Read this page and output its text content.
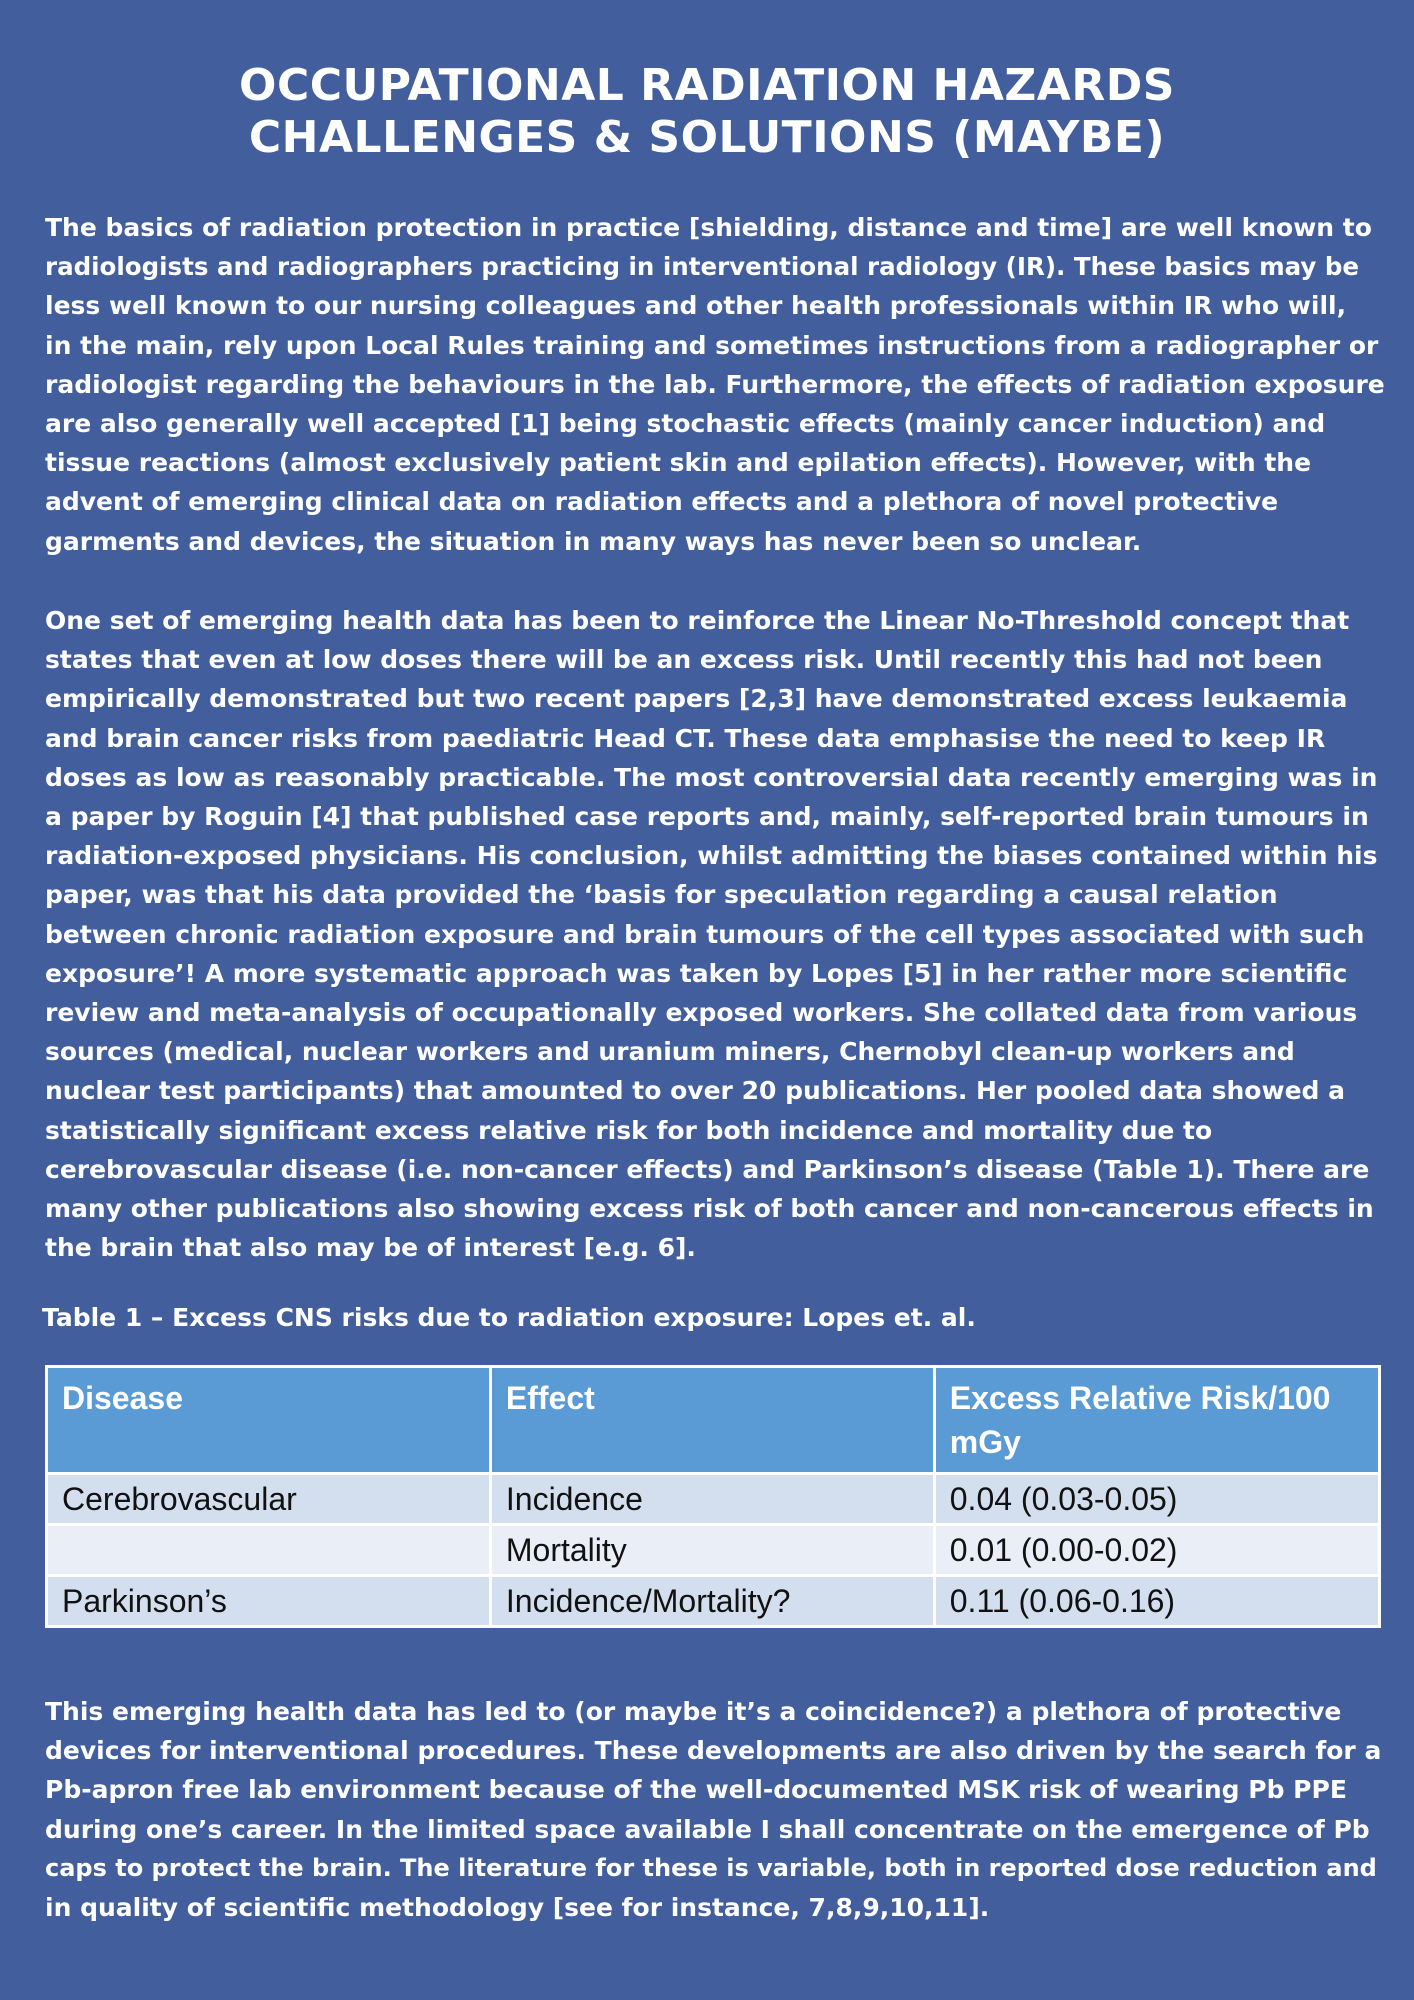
OCCUPATIONAL RADIATION HAZARDS
CHALLENGES & SOLUTIONS (MAYBE)

The basics of radiation protection in practice [shielding, distance and time] are well known to
radiologists and radiographers practicing in interventional radiology (IR). These basics may be
less well known to our nursing colleagues and other health professionals within IR who will,
in the main, rely upon Local Rules training and sometimes instructions from a radiographer or
radiologist regarding the behaviours in the lab. Furthermore, the effects of radiation exposure
are also generally well accepted [1] being stochastic effects (mainly cancer induction) and
tissue reactions (almost exclusively patient skin and epilation effects). However, with the
advent of emerging clinical data on radiation effects and a plethora of novel protective
garments and devices, the situation in many ways has never been so unclear.

One set of emerging health data has been to reinforce the Linear No-Threshold concept that
states that even at low doses there will be an excess risk. Until recently this had not been
empirically demonstrated but two recent papers [2,3] have demonstrated excess leukaemia
and brain cancer risks from paediatric Head CT. These data emphasise the need to keep IR
doses as low as reasonably practicable. The most controversial data recently emerging was in
a paper by Roguin [4] that published case reports and, mainly, self-reported brain tumours in
radiation-exposed physicians. His conclusion, whilst admitting the biases contained within his
paper, was that his data provided the ‘basis for speculation regarding a causal relation
between chronic radiation exposure and brain tumours of the cell types associated with such
exposure’! A more systematic approach was taken by Lopes [5] in her rather more scientific
review and meta-analysis of occupationally exposed workers. She collated data from various
sources (medical, nuclear workers and uranium miners, Chernobyl clean-up workers and
nuclear test participants) that amounted to over 20 publications. Her pooled data showed a
statistically significant excess relative risk for both incidence and mortality due to
cerebrovascular disease (i.e. non-cancer effects) and Parkinson’s disease (Table 1). There are
many other publications also showing excess risk of both cancer and non-cancerous effects in
the brain that also may be of interest [e.g. 6].

Table 1 – Excess CNS risks due to radiation exposure: Lopes et. al.

Disease	Effect	Excess Relative Risk/100 mGy
Cerebrovascular	Incidence	0.04 (0.03-0.05)
	Mortality	0.01 (0.00-0.02)
Parkinson’s	Incidence/Mortality?	0.11 (0.06-0.16)

This emerging health data has led to (or maybe it’s a coincidence?) a plethora of protective
devices for interventional procedures. These developments are also driven by the search for a
Pb-apron free lab environment because of the well-documented MSK risk of wearing Pb PPE
during one’s career. In the limited space available I shall concentrate on the emergence of Pb
caps to protect the brain. The literature for these is variable, both in reported dose reduction and
in quality of scientific methodology [see for instance, 7,8,9,10,11].
